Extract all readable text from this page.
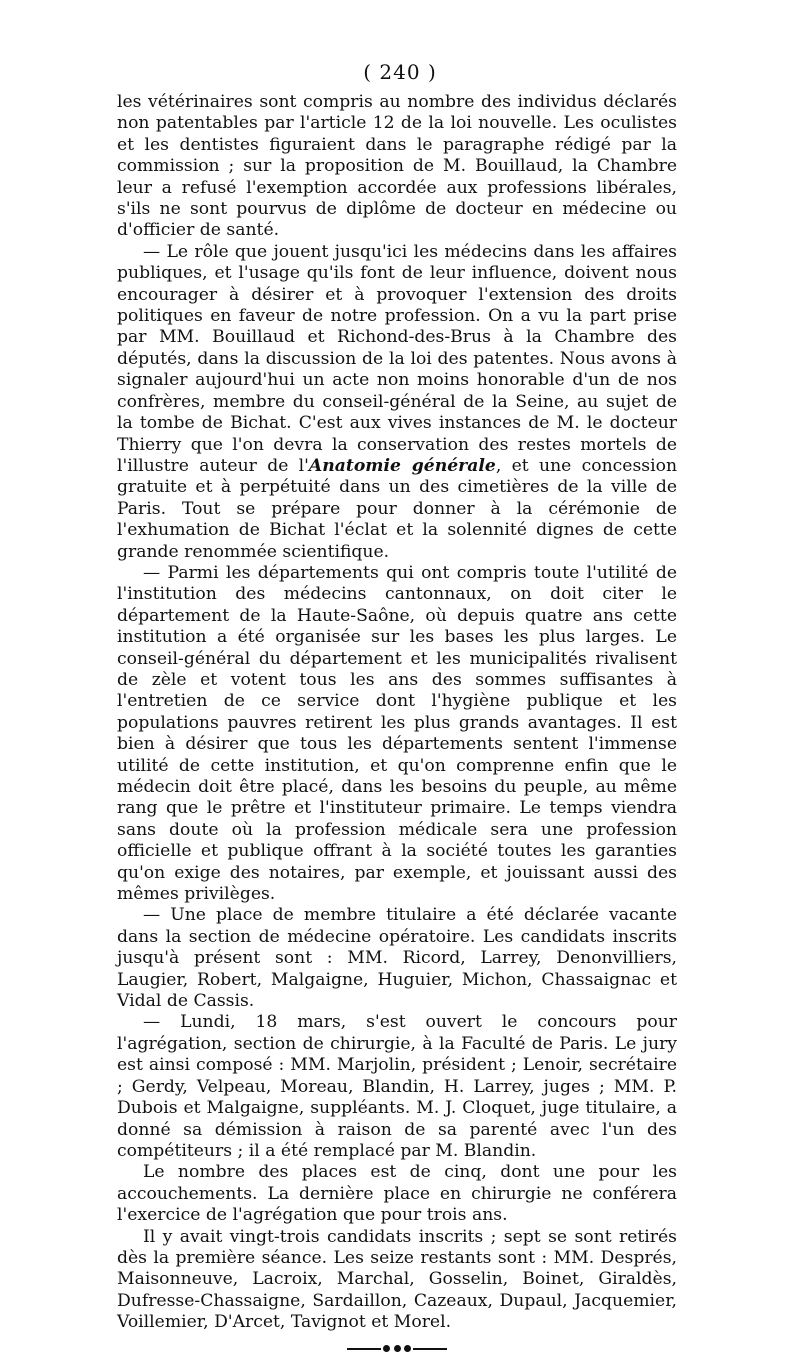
( 240 )

les vétérinaires sont compris au nombre des individus déclarés non patentables par l'article 12 de la loi nouvelle. Les oculistes et les dentistes figuraient dans le paragraphe rédigé par la commission ; sur la proposition de M. Bouillaud, la Chambre leur a refusé l'exemption accordée aux professions libérales, s'ils ne sont pourvus de diplôme de docteur en médecine ou d'officier de santé.

— Le rôle que jouent jusqu'ici les médecins dans les affaires publiques, et l'usage qu'ils font de leur influence, doivent nous encourager à désirer et à provoquer l'extension des droits politiques en faveur de notre profession. On a vu la part prise par MM. Bouillaud et Richond-des-Brus à la Chambre des députés, dans la discussion de la loi des patentes. Nous avons à signaler aujourd'hui un acte non moins honorable d'un de nos confrères, membre du conseil-général de la Seine, au sujet de la tombe de Bichat. C'est aux vives instances de M. le docteur Thierry que l'on devra la conservation des restes mortels de l'illustre auteur de l'Anatomie générale, et une concession gratuite et à perpétuité dans un des cimetières de la ville de Paris. Tout se prépare pour donner à la cérémonie de l'exhumation de Bichat l'éclat et la solennité dignes de cette grande renommée scientifique.

— Parmi les départements qui ont compris toute l'utilité de l'institution des médecins cantonnaux, on doit citer le département de la Haute-Saône, où depuis quatre ans cette institution a été organisée sur les bases les plus larges. Le conseil-général du département et les municipalités rivalisent de zèle et votent tous les ans des sommes suffisantes à l'entretien de ce service dont l'hygiène publique et les populations pauvres retirent les plus grands avantages. Il est bien à désirer que tous les départements sentent l'immense utilité de cette institution, et qu'on comprenne enfin que le médecin doit être placé, dans les besoins du peuple, au même rang que le prêtre et l'instituteur primaire. Le temps viendra sans doute où la profession médicale sera une profession officielle et publique offrant à la société toutes les garanties qu'on exige des notaires, par exemple, et jouissant aussi des mêmes privilèges.

— Une place de membre titulaire a été déclarée vacante dans la section de médecine opératoire. Les candidats inscrits jusqu'à présent sont : MM. Ricord, Larrey, Denonvilliers, Laugier, Robert, Malgaigne, Huguier, Michon, Chassaignac et Vidal de Cassis.

— Lundi, 18 mars, s'est ouvert le concours pour l'agrégation, section de chirurgie, à la Faculté de Paris. Le jury est ainsi composé : MM. Marjolin, président ; Lenoir, secrétaire ; Gerdy, Velpeau, Moreau, Blandin, H. Larrey, juges ; MM. P. Dubois et Malgaigne, suppléants. M. J. Cloquet, juge titulaire, a donné sa démission à raison de sa parenté avec l'un des compétiteurs ; il a été remplacé par M. Blandin.

Le nombre des places est de cinq, dont une pour les accouchements. La dernière place en chirurgie ne conférera l'exercice de l'agrégation que pour trois ans.

Il y avait vingt-trois candidats inscrits ; sept se sont retirés dès la première séance. Les seize restants sont : MM. Després, Maisonneuve, Lacroix, Marchal, Gosselin, Boinet, Giraldès, Dufresse-Chassaigne, Sardaillon, Cazeaux, Dupaul, Jacquemier, Voillemier, D'Arcet, Tavignot et Morel.
